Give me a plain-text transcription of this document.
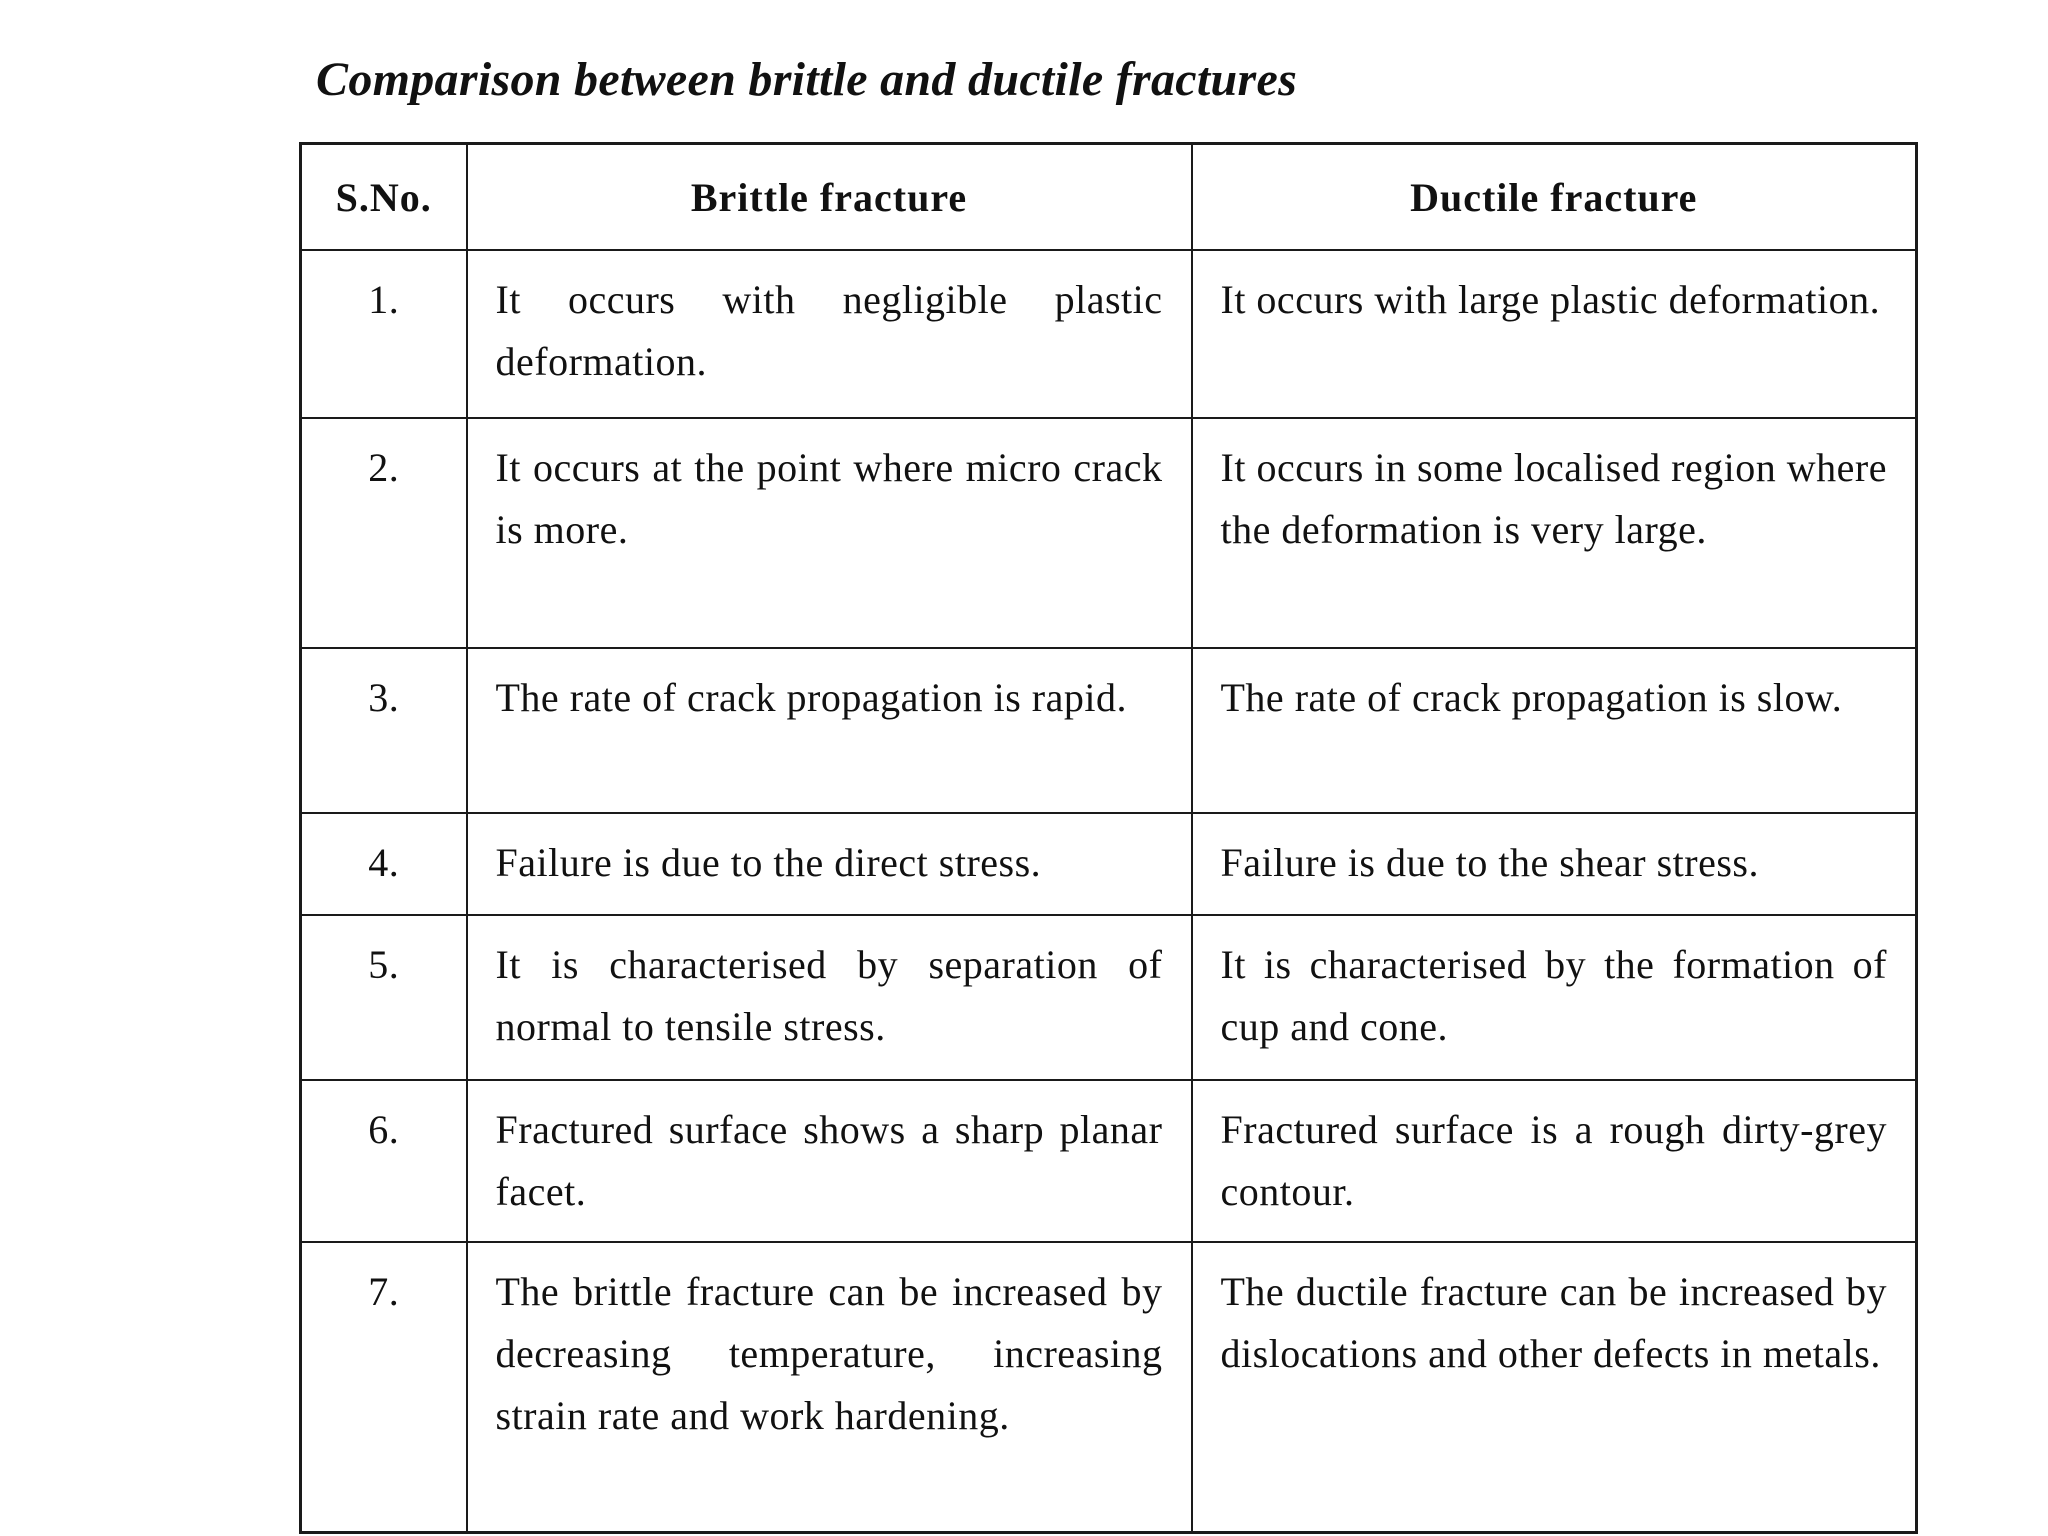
Comparison between brittle and ductile fractures
S.No.	Brittle fracture	Ductile fracture
1.	It occurs with negligible plastic deformation.	It occurs with large plastic deformation.
2.	It occurs at the point where micro crack is more.	It occurs in some localised region where the deformation is very large.
3.	The rate of crack propagation is rapid.	The rate of crack propagation is slow.
4.	Failure is due to the direct stress.	Failure is due to the shear stress.
5.	It is characterised by separation of normal to tensile stress.	It is characterised by the formation of cup and cone.
6.	Fractured surface shows a sharp planar facet.	Fractured surface is a rough dirty-grey contour.
7.	The brittle fracture can be increased by decreasing temperature, increasing strain rate and work hardening.	The ductile fracture can be increased by dislocations and other defects in metals.
